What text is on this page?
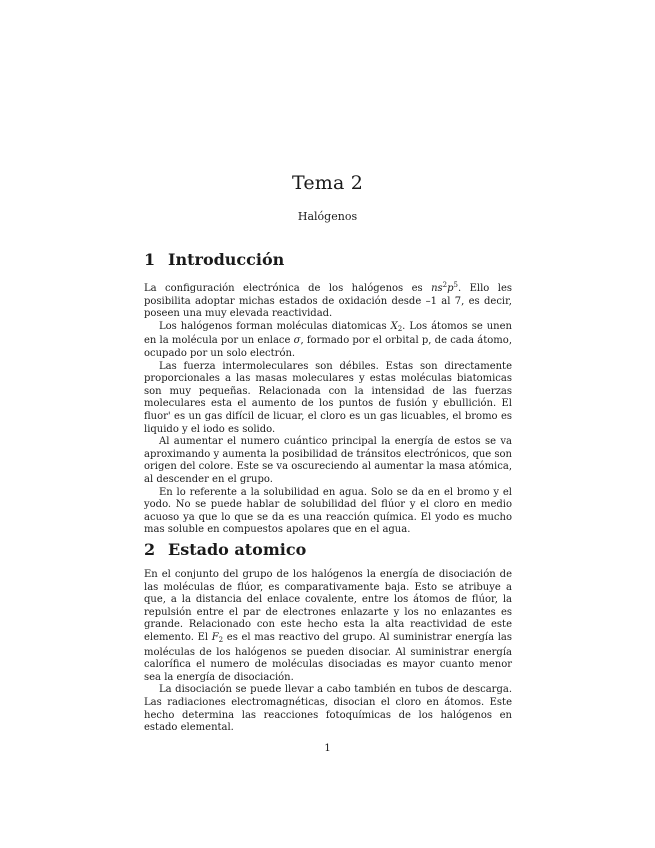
Tema 2
Halógenos
1 Introducción

La configuración electrónica de los halógenos es $ns^2p^5$. Ello les posibilita adoptar michas estados de oxidación desde –1 al 7, es decir, poseen una muy elevada reactividad.

Los halógenos forman moléculas diatomicas $X_2$. Los átomos se unen en la molécula por un enlace σ, formado por el orbital p, de cada átomo, ocupado por un solo electrón.

Las fuerza intermoleculares son débiles. Estas son directamente proporcionales a las masas moleculares y estas moléculas biatomicas son muy pequeñas. Relacionada con la intensidad de las fuerzas moleculares esta el aumento de los puntos de fusión y ebullición. El fluor' es un gas difícil de licuar, el cloro es un gas licuables, el bromo es liquido y el iodo es solido.

Al aumentar el numero cuántico principal la energía de estos se va aproximando y aumenta la posibilidad de tránsitos electrónicos, que son origen del colore. Este se va oscureciendo al aumentar la masa atómica, al descender en el grupo.

En lo referente a la solubilidad en agua. Solo se da en el bromo y el yodo. No se puede hablar de solubilidad del flúor y el cloro en medio acuoso ya que lo que se da es una reacción química. El yodo es mucho mas soluble en compuestos apolares que en el agua.

2 Estado atomico

En el conjunto del grupo de los halógenos la energía de disociación de las moléculas de flúor, es comparativamente baja. Esto se atribuye a que, a la distancia del enlace covalente, entre los átomos de flúor, la repulsión entre el par de electrones enlazarte y los no enlazantes es grande. Relacionado con este hecho esta la alta reactividad de este elemento. El $F_2$ es el mas reactivo del grupo. Al suministrar energía las moléculas de los halógenos se pueden disociar. Al suministrar energía calorífica el numero de moléculas disociadas es mayor cuanto menor sea la energía de disociación.

La disociación se puede llevar a cabo también en tubos de descarga. Las radiaciones electromagnéticas, disocian el cloro en átomos. Este hecho determina las reacciones fotoquímicas de los halógenos en estado elemental.

1
